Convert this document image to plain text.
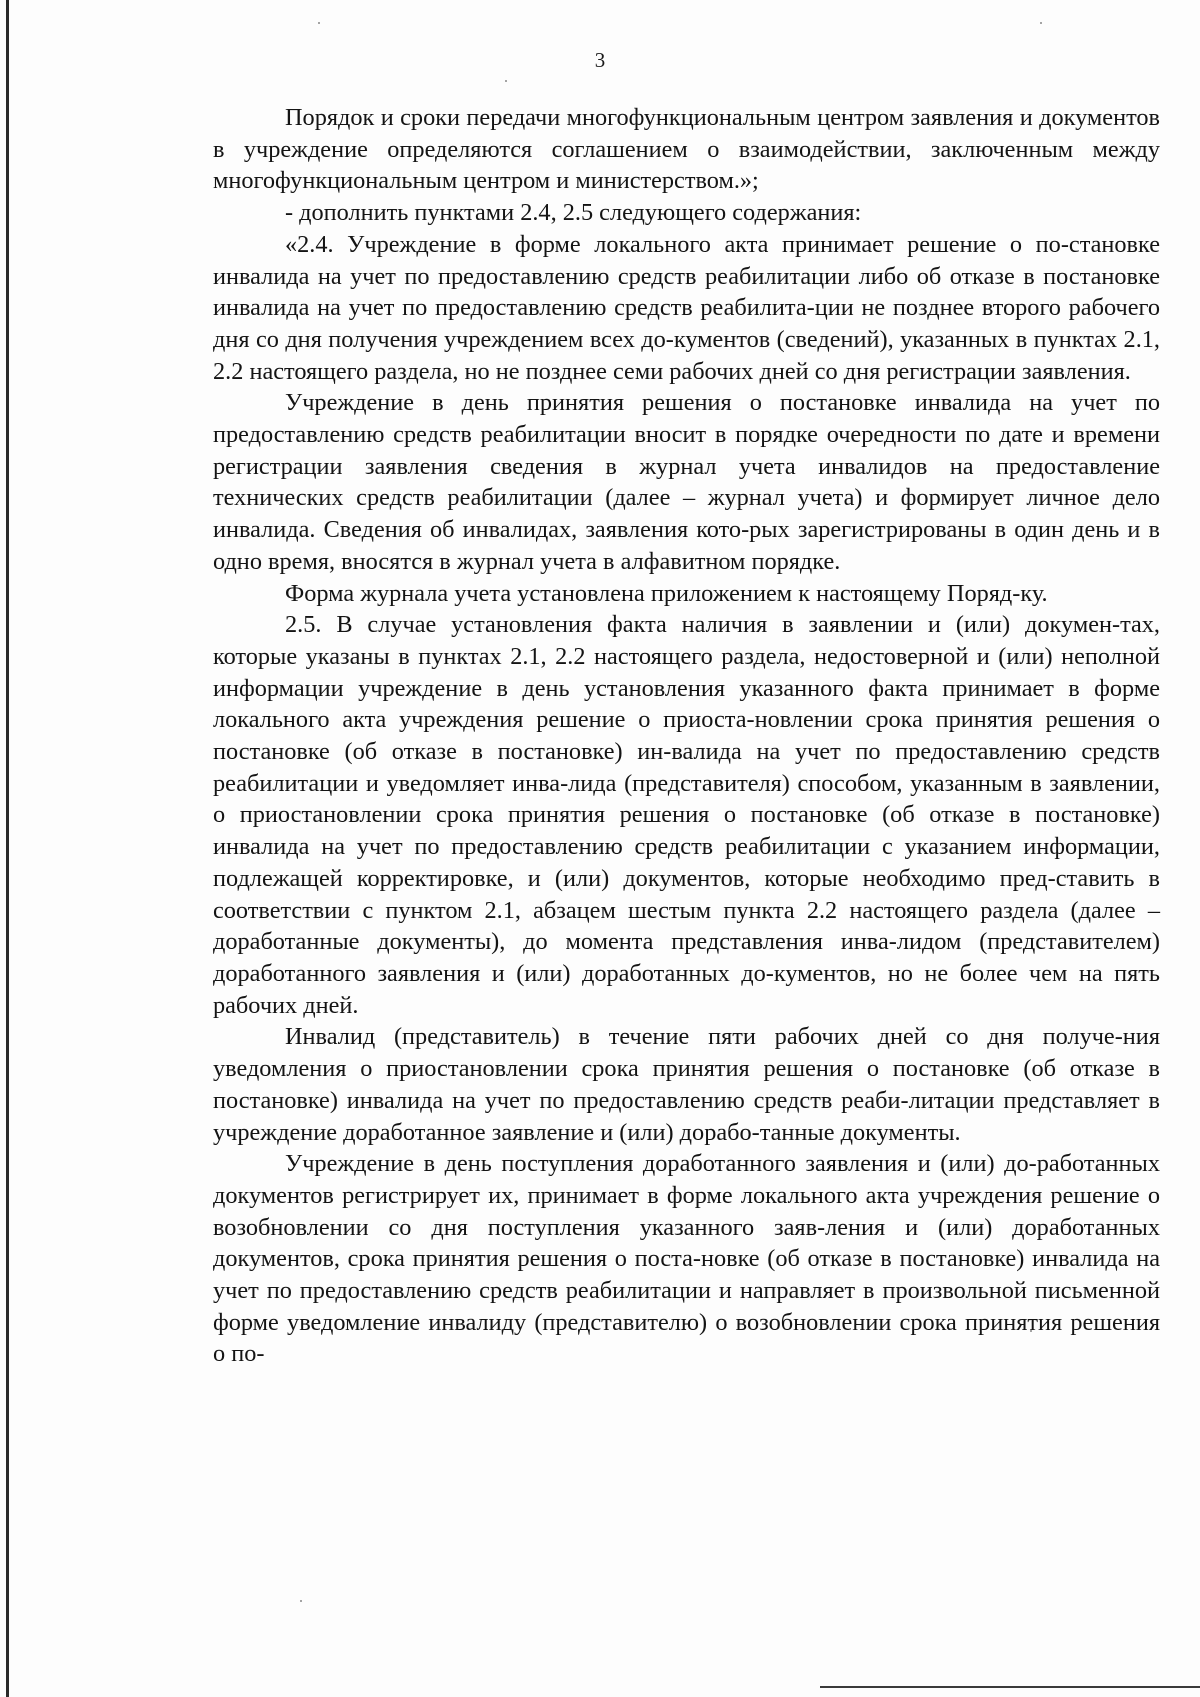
3

Порядок и сроки передачи многофункциональным центром заявления и документов в учреждение определяются соглашением о взаимодействии, заключенным между многофункциональным центром и министерством.»;

- дополнить пунктами 2.4, 2.5 следующего содержания:

«2.4. Учреждение в форме локального акта принимает решение о по-становке инвалида на учет по предоставлению средств реабилитации либо об отказе в постановке инвалида на учет по предоставлению средств реабилита-ции не позднее второго рабочего дня со дня получения учреждением всех до-кументов (сведений), указанных в пунктах 2.1, 2.2 настоящего раздела, но не позднее семи рабочих дней со дня регистрации заявления.

Учреждение в день принятия решения о постановке инвалида на учет по предоставлению средств реабилитации вносит в порядке очередности по дате и времени регистрации заявления сведения в журнал учета инвалидов на предоставление технических средств реабилитации (далее – журнал учета) и формирует личное дело инвалида. Сведения об инвалидах, заявления кото-рых зарегистрированы в один день и в одно время, вносятся в журнал учета в алфавитном порядке.

Форма журнала учета установлена приложением к настоящему Поряд-ку.

2.5. В случае установления факта наличия в заявлении и (или) докумен-тах, которые указаны в пунктах 2.1, 2.2 настоящего раздела, недостоверной и (или) неполной информации учреждение в день установления указанного факта принимает в форме локального акта учреждения решение о приоста-новлении срока принятия решения о постановке (об отказе в постановке) ин-валида на учет по предоставлению средств реабилитации и уведомляет инва-лида (представителя) способом, указанным в заявлении, о приостановлении срока принятия решения о постановке (об отказе в постановке) инвалида на учет по предоставлению средств реабилитации с указанием информации, подлежащей корректировке, и (или) документов, которые необходимо пред-ставить в соответствии с пунктом 2.1, абзацем шестым пункта 2.2 настоящего раздела (далее – доработанные документы), до момента представления инва-лидом (представителем) доработанного заявления и (или) доработанных до-кументов, но не более чем на пять рабочих дней.

Инвалид (представитель) в течение пяти рабочих дней со дня получе-ния уведомления о приостановлении срока принятия решения о постановке (об отказе в постановке) инвалида на учет по предоставлению средств реаби-литации представляет в учреждение доработанное заявление и (или) дорабо-танные документы.

Учреждение в день поступления доработанного заявления и (или) до-работанных документов регистрирует их, принимает в форме локального акта учреждения решение о возобновлении со дня поступления указанного заяв-ления и (или) доработанных документов, срока принятия решения о поста-новке (об отказе в постановке) инвалида на учет по предоставлению средств реабилитации и направляет в произвольной письменной форме уведомление инвалиду (представителю) о возобновлении срока принятия решения о по-
